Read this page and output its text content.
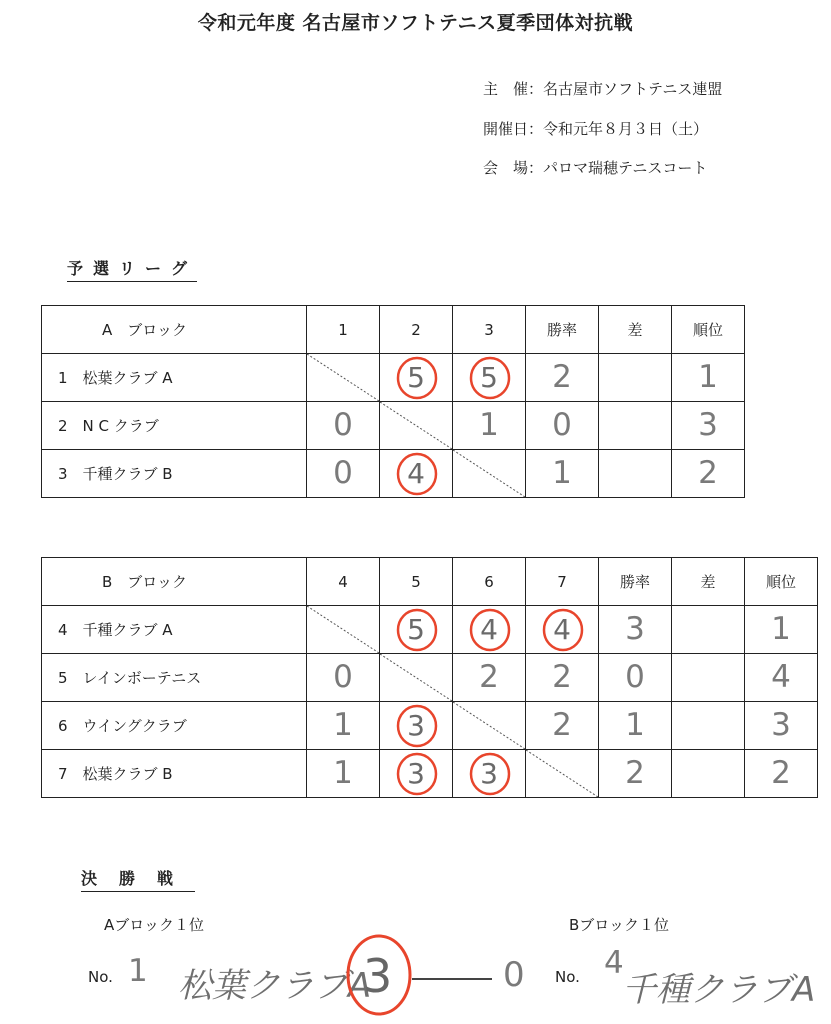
令和元年度 名古屋市ソフトテニス夏季団体対抗戦
主　催：名古屋市ソフトテニス連盟
開催日：令和元年８月３日（土）
会　場：パロマ瑞穂テニスコート
予選リーグ
A　ブロック	1	2	3	勝率	差	順位
1　松葉クラブ A		5	5	2		1
2　N C クラブ	0		1	0		3
3　千種クラブ B	0	4		1		2
B　ブロック	4	5	6	7	勝率	差	順位
4　千種クラブ A		5	4	4	3		1
5　レインボーテニス	0		2	2	0		4
6　ウイングクラブ	1	3		2	1		3
7　松葉クラブ B	1	3	3		2		2
決勝戦
Aブロック１位	Bブロック１位
No. 1 松葉クラブA
3	0 No. 4
千種クラブA
